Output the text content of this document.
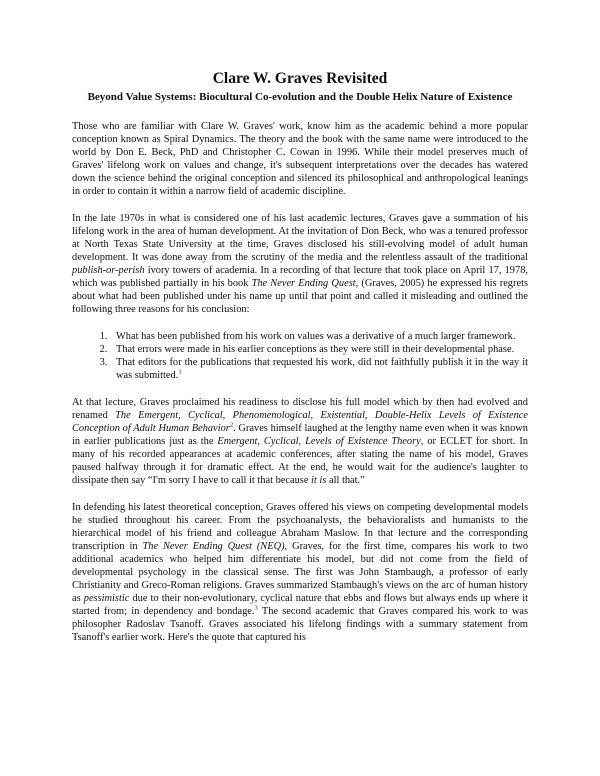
Clare W. Graves Revisited
Beyond Value Systems: Biocultural Co-evolution and the Double Helix Nature of Existence

Those who are familiar with Clare W. Graves' work, know him as the academic behind a more popular conception known as Spiral Dynamics. The theory and the book with the same name were introduced to the world by Don E. Beck, PhD and Christopher C. Cowan in 1996. While their model preserves much of Graves' lifelong work on values and change, it's subsequent interpretations over the decades has watered down the science behind the original conception and silenced its philosophical and anthropological leanings in order to contain it within a narrow field of academic discipline.

In the late 1970s in what is considered one of his last academic lectures, Graves gave a summation of his lifelong work in the area of human development. At the invitation of Don Beck, who was a tenured professor at North Texas State University at the time, Graves disclosed his still-evolving model of adult human development. It was done away from the scrutiny of the media and the relentless assault of the traditional publish-or-perish ivory towers of academia. In a recording of that lecture that took place on April 17, 1978, which was published partially in his book The Never Ending Quest, (Graves, 2005) he expressed his regrets about what had been published under his name up until that point and called it misleading and outlined the following three reasons for his conclusion:

1. What has been published from his work on values was a derivative of a much larger framework.
2. That errors were made in his earlier conceptions as they were still in their developmental phase.
3. That editors for the publications that requested his work, did not faithfully publish it in the way it was submitted.$^1$

At that lecture, Graves proclaimed his readiness to disclose his full model which by then had evolved and renamed The Emergent, Cyclical, Phenomenological, Existential, Double-Helix Levels of Existence Conception of Adult Human Behavior$^2$. Graves himself laughed at the lengthy name even when it was known in earlier publications just as the Emergent, Cyclical, Levels of Existence Theory, or ECLET for short. In many of his recorded appearances at academic conferences, after stating the name of his model, Graves paused halfway through it for dramatic effect. At the end, he would wait for the audience's laughter to dissipate then say “I'm sorry I have to call it that because it is all that.”

In defending his latest theoretical conception, Graves offered his views on competing developmental models he studied throughout his career. From the psychoanalysts, the behavioralists and humanists to the hierarchical model of his friend and colleague Abraham Maslow. In that lecture and the corresponding transcription in The Never Ending Quest (NEQ), Graves, for the first time, compares his work to two additional academics who helped him differentiate his model, but did not come from the field of developmental psychology in the classical sense. The first was John Stambaugh, a professor of early Christianity and Greco-Roman religions. Graves summarized Stambaugh's views on the arc of human history as pessimistic due to their non-evolutionary, cyclical nature that ebbs and flows but always ends up where it started from; in dependency and bondage.$^3$ The second academic that Graves compared his work to was philosopher Radoslav Tsanoff. Graves associated his lifelong findings with a summary statement from Tsanoff's earlier work. Here's the quote that captured his
